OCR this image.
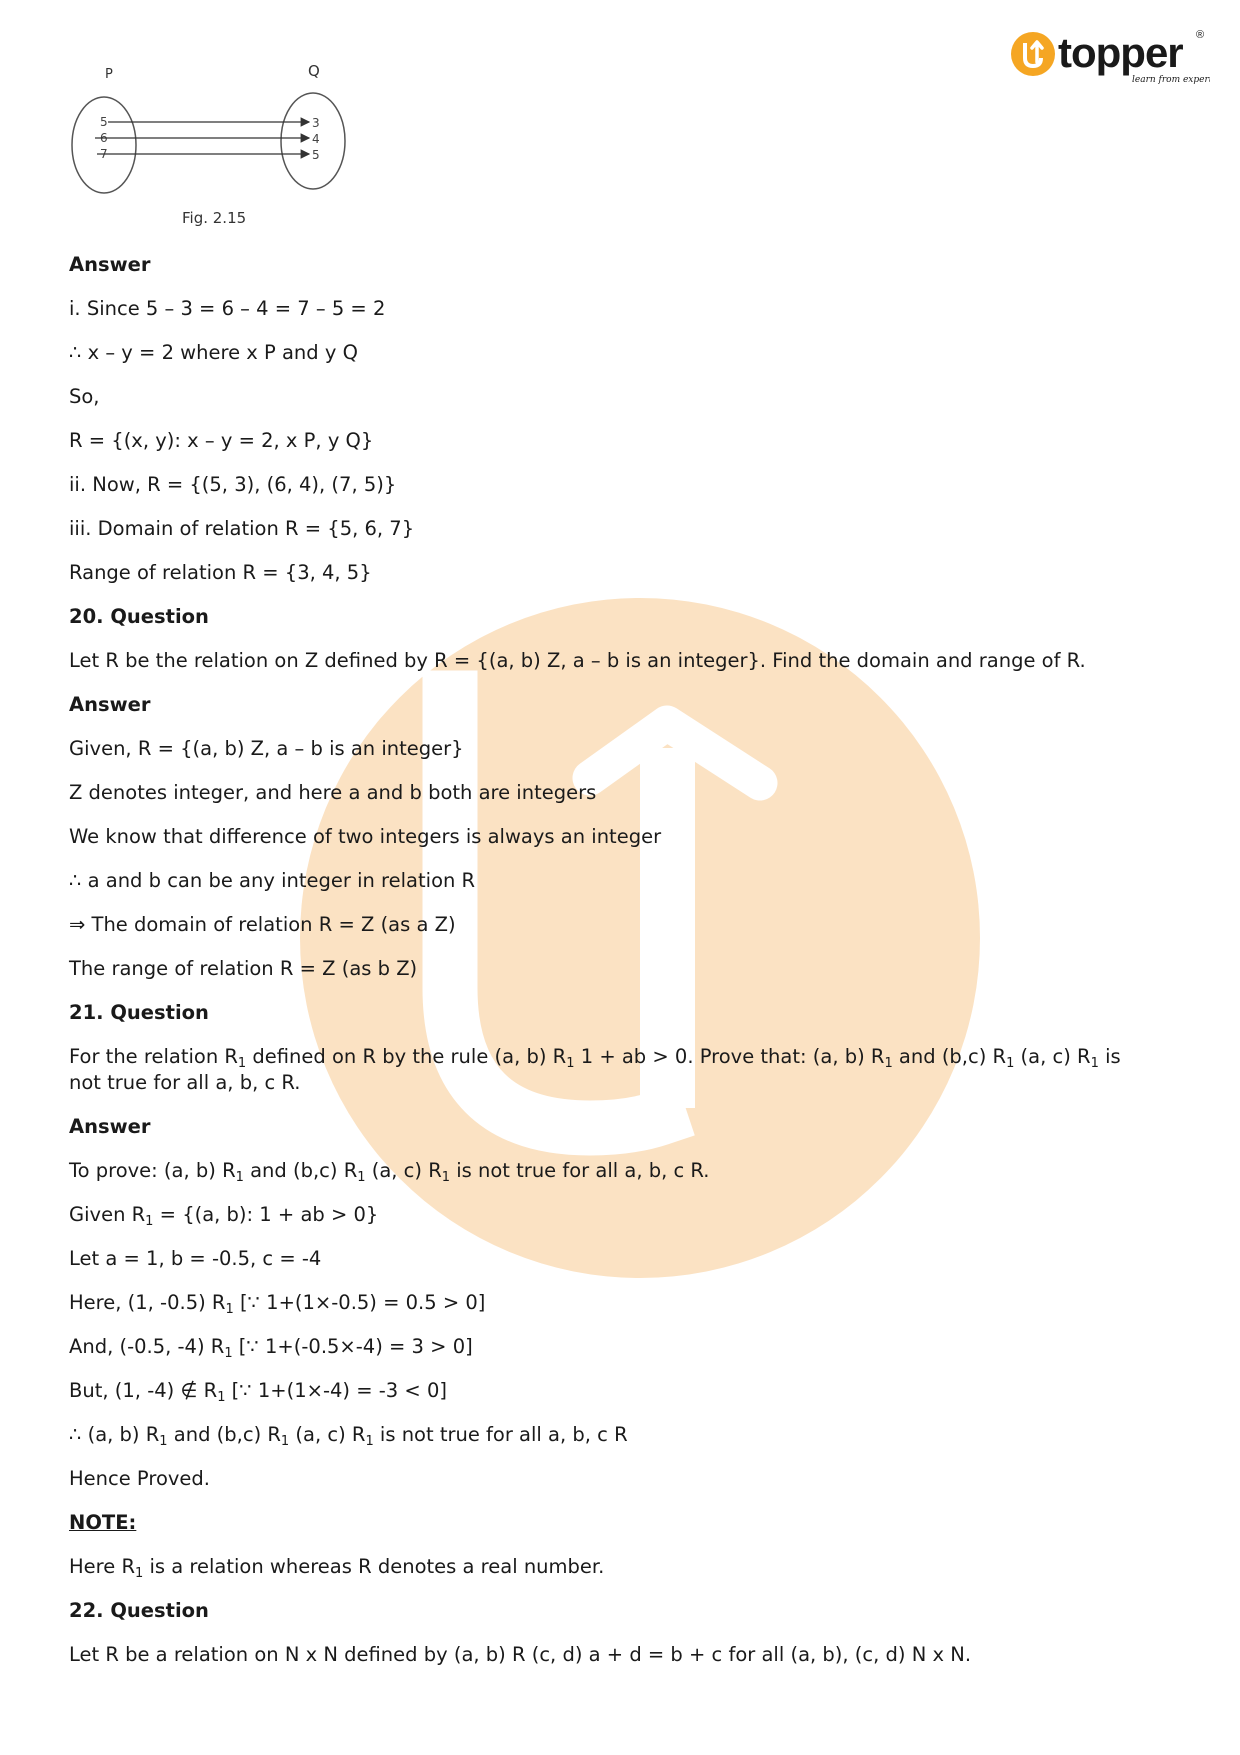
topper ®
learn from experts
P	Q
5
6
7
3
4
5
Fig. 2.15
Answer
i. Since 5 – 3 = 6 – 4 = 7 – 5 = 2
∴ x – y = 2 where x P and y Q
So,
R = {(x, y): x – y = 2, x P, y Q}
ii. Now, R = {(5, 3), (6, 4), (7, 5)}
iii. Domain of relation R = {5, 6, 7}
Range of relation R = {3, 4, 5}
20. Question
Let R be the relation on Z defined by R = {(a, b) Z, a – b is an integer}. Find the domain and range of R.
Answer
Given, R = {(a, b) Z, a – b is an integer}
Z denotes integer, and here a and b both are integers
We know that difference of two integers is always an integer
∴ a and b can be any integer in relation R
⇒ The domain of relation R = Z (as a Z)
The range of relation R = Z (as b Z)
21. Question
For the relation $R_1$ defined on R by the rule (a, b) $R_1$ 1 + ab > 0. Prove that: (a, b) $R_1$ and (b,c) $R_1$ (a, c) $R_1$ is
not true for all a, b, c R.
Answer
To prove: (a, b) $R_1$ and (b,c) $R_1$ (a, c) $R_1$ is not true for all a, b, c R.
Given $R_1 = \{(a$, b): 1 + ab > 0}
Let a = 1, b = -0.5, c = -4
Here, (1, -0.5) $R_1$ [∵ 1+(1×-0.5) = 0.5 > 0]
And, (-0.5, -4) $R_1$ [∵ 1+(-0.5×-4) = 3 > 0]
But, (1, -4) ∉ $R_1$ [∵ 1+(1×-4) = -3 < 0]
∴ (a, b) $R_1$ and (b,c) $R_1$ (a, c) $R_1$ is not true for all a, b, c R
Hence Proved.
NOTE:
Here $R_1$ is a relation whereas R denotes a real number.
22. Question
Let R be a relation on N x N defined by (a, b) R (c, d) a + d = b + c for all (a, b), (c, d) N x N.
